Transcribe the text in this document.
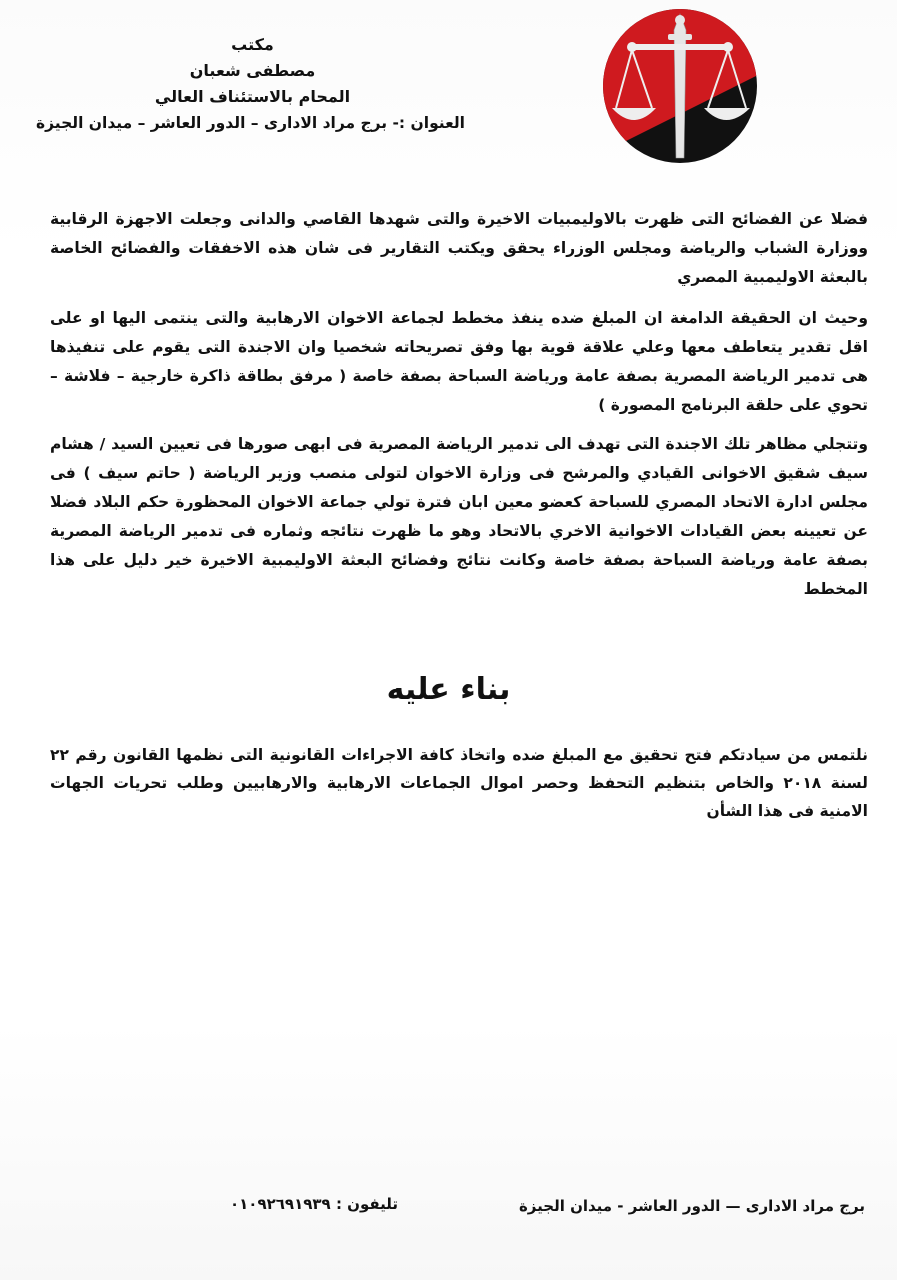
مكتب
مصطفى شعبان
المحام بالاستئناف العالي
العنوان :- برج مراد الادارى – الدور العاشر – ميدان الجيزة
فضلا عن الفضائح التى ظهرت بالاوليمبيات الاخيرة والتى شهدها القاصي والدانى وجعلت الاجهزة الرقابية ووزارة الشباب والرياضة ومجلس الوزراء يحقق ويكتب التقارير فى شان هذه الاخفقات والفضائح الخاصة بالبعثة الاوليمبية المصري
وحيث ان الحقيقة الدامغة ان المبلغ ضده ينفذ مخطط لجماعة الاخوان الارهابية والتى ينتمى اليها او على اقل تقدير يتعاطف معها وعلي علاقة قوية بها وفق تصريحاته شخصيا وان الاجندة التى يقوم على تنفيذها هى تدمير الرياضة المصرية بصفة عامة ورياضة السباحة بصفة خاصة ( مرفق بطاقة ذاكرة خارجية – فلاشة – تحوي على حلقة البرنامج المصورة )
وتتجلي مظاهر تلك الاجندة التى تهدف الى تدمير الرياضة المصرية فى ابهى صورها فى تعيين السيد / هشام سيف شقيق الاخوانى القيادي والمرشح فى وزارة الاخوان لتولى منصب وزير الرياضة ( حاتم سيف ) فى مجلس ادارة الاتحاد المصري للسباحة كعضو معين ابان فترة تولي جماعة الاخوان المحظورة حكم البلاد فضلا عن تعيينه بعض القيادات الاخوانية الاخري بالاتحاد وهو ما ظهرت نتائجه وثماره فى تدمير الرياضة المصرية بصفة عامة ورياضة السباحة بصفة خاصة وكانت نتائج وفضائح البعثة الاوليمبية الاخيرة خير دليل على هذا المخطط
بناء عليه
نلتمس من سيادتكم فتح تحقيق مع المبلغ ضده واتخاذ كافة الاجراءات القانونية التى نظمها القانون رقم ٢٢ لسنة ٢٠١٨ والخاص بتنظيم التحفظ وحصر اموال الجماعات الارهابية والارهابيين وطلب تحريات الجهات الامنية فى هذا الشأن
تليفون : ٠١٠٩٢٦٩١٩٣٩	برج مراد الادارى — الدور العاشر - ميدان الجيزة
